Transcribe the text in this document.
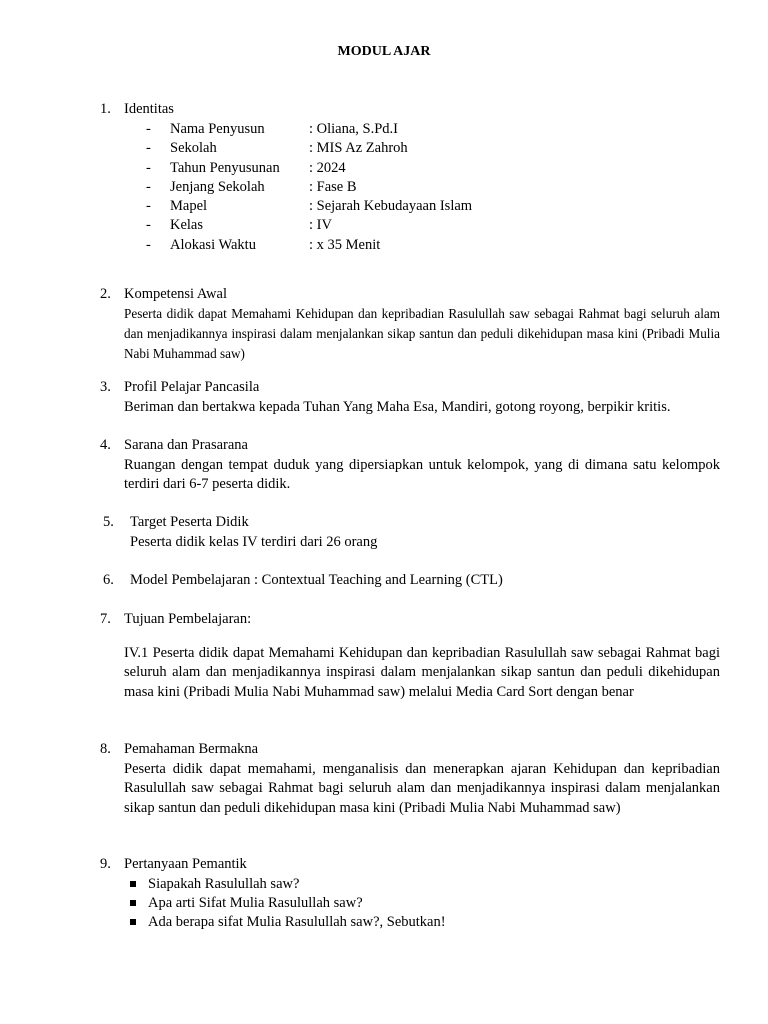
MODUL AJAR
1. Identitas
- Nama Penyusun	: Oliana, S.Pd.I
- Sekolah	: MIS Az Zahroh
- Tahun Penyusunan : 2024
- Jenjang Sekolah	: Fase B
- Mapel	: Sejarah Kebudayaan Islam
- Kelas	: IV
- Alokasi Waktu	: x 35 Menit
2. Kompetensi Awal
Peserta didik dapat Memahami Kehidupan dan kepribadian Rasulullah saw sebagai Rahmat bagi seluruh alam dan menjadikannya inspirasi dalam menjalankan sikap santun dan peduli dikehidupan masa kini (Pribadi Mulia Nabi Muhammad saw)
3. Profil Pelajar Pancasila
Beriman dan bertakwa kepada Tuhan Yang Maha Esa, Mandiri, gotong royong, berpikir kritis.
4. Sarana dan Prasarana
Ruangan dengan tempat duduk yang dipersiapkan untuk kelompok, yang di dimana satu kelompok terdiri dari 6-7 peserta didik.
5. Target Peserta Didik
Peserta didik kelas IV terdiri dari 26 orang
6. Model Pembelajaran : Contextual Teaching and Learning (CTL)
7. Tujuan Pembelajaran:
IV.1 Peserta didik dapat Memahami Kehidupan dan kepribadian Rasulullah saw sebagai Rahmat bagi seluruh alam dan menjadikannya inspirasi dalam menjalankan sikap santun dan peduli dikehidupan masa kini (Pribadi Mulia Nabi Muhammad saw) melalui Media Card Sort dengan benar
8. Pemahaman Bermakna
Peserta didik dapat memahami, menganalisis dan menerapkan ajaran Kehidupan dan kepribadian Rasulullah saw sebagai Rahmat bagi seluruh alam dan menjadikannya inspirasi dalam menjalankan sikap santun dan peduli dikehidupan masa kini (Pribadi Mulia Nabi Muhammad saw)
9. Pertanyaan Pemantik
Siapakah Rasulullah saw?
Apa arti Sifat Mulia Rasulullah saw?
Ada berapa sifat Mulia Rasulullah saw?, Sebutkan!
